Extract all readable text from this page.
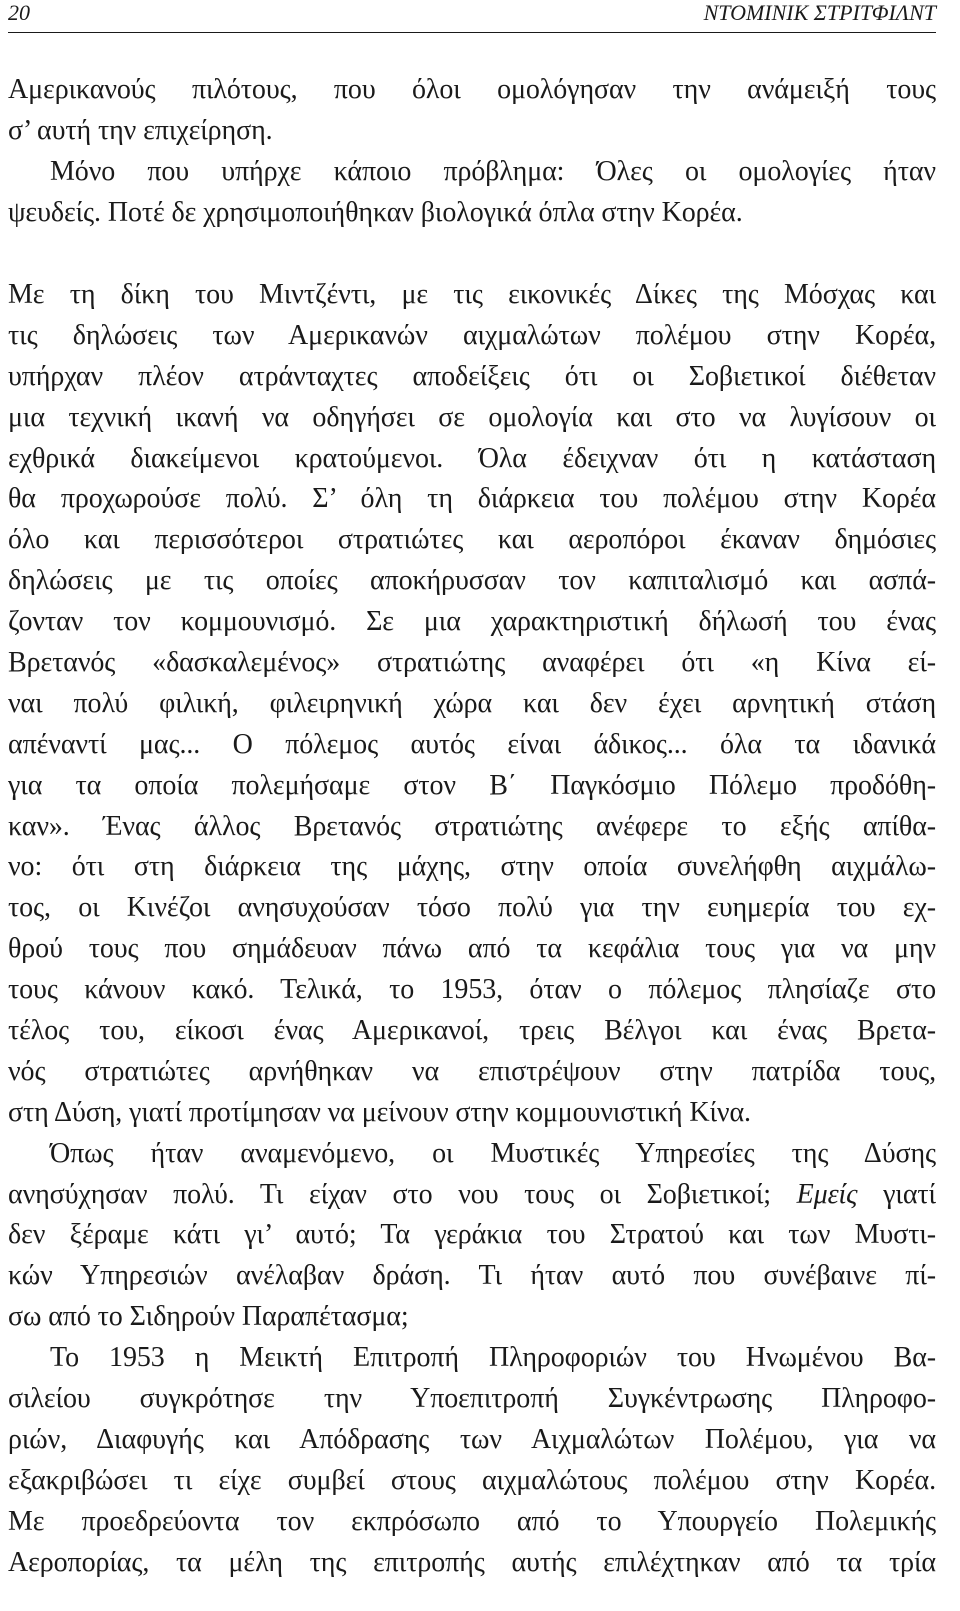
20	ΝΤΟΜΙΝΙΚ ΣΤΡΙΤΦΙΛΝΤ
Αμερικανούς πιλότους, που όλοι ομολόγησαν την ανάμειξή τους
σ’ αυτή την επιχείρηση.
Μόνο που υπήρχε κάποιο πρόβλημα: Όλες οι ομολογίες ήταν
ψευδείς. Ποτέ δε χρησιμοποιήθηκαν βιολογικά όπλα στην Κορέα.
Με τη δίκη του Μιντζέντι, με τις εικονικές Δίκες της Μόσχας και
τις δηλώσεις των Αμερικανών αιχμαλώτων πολέμου στην Κορέα,
υπήρχαν πλέον ατράνταχτες αποδείξεις ότι οι Σοβιετικοί διέθεταν
μια τεχνική ικανή να οδηγήσει σε ομολογία και στο να λυγίσουν οι
εχθρικά διακείμενοι κρατούμενοι. Όλα έδειχναν ότι η κατάσταση
θα προχωρούσε πολύ. Σ’ όλη τη διάρκεια του πολέμου στην Κορέα
όλο και περισσότεροι στρατιώτες και αεροπόροι έκαναν δημόσιες
δηλώσεις με τις οποίες αποκήρυσσαν τον καπιταλισμό και ασπά-
ζονταν τον κομμουνισμό. Σε μια χαρακτηριστική δήλωσή του ένας
Βρετανός «δασκαλεμένος» στρατιώτης αναφέρει ότι «η Κίνα εί-
ναι πολύ φιλική, φιλειρηνική χώρα και δεν έχει αρνητική στάση
απέναντί μας... Ο πόλεμος αυτός είναι άδικος... όλα τα ιδανικά
για τα οποία πολεμήσαμε στον Β΄ Παγκόσμιο Πόλεμο προδόθη-
καν». Ένας άλλος Βρετανός στρατιώτης ανέφερε το εξής απίθα-
νο: ότι στη διάρκεια της μάχης, στην οποία συνελήφθη αιχμάλω-
τος, οι Κινέζοι ανησυχούσαν τόσο πολύ για την ευημερία του εχ-
θρού τους που σημάδευαν πάνω από τα κεφάλια τους για να μην
τους κάνουν κακό. Τελικά, το 1953, όταν ο πόλεμος πλησίαζε στο
τέλος του, είκοσι ένας Αμερικανοί, τρεις Βέλγοι και ένας Βρετα-
νός στρατιώτες αρνήθηκαν να επιστρέψουν στην πατρίδα τους,
στη Δύση, γιατί προτίμησαν να μείνουν στην κομμουνιστική Κίνα.
Όπως ήταν αναμενόμενο, οι Μυστικές Υπηρεσίες της Δύσης
ανησύχησαν πολύ. Τι είχαν στο νου τους οι Σοβιετικοί; Εμείς γιατί
δεν ξέραμε κάτι γι’ αυτό; Τα γεράκια του Στρατού και των Μυστι-
κών Υπηρεσιών ανέλαβαν δράση. Τι ήταν αυτό που συνέβαινε πί-
σω από το Σιδηρούν Παραπέτασμα;
Το 1953 η Μεικτή Επιτροπή Πληροφοριών του Ηνωμένου Βα-
σιλείου συγκρότησε την Υποεπιτροπή Συγκέντρωσης Πληροφο-
ριών, Διαφυγής και Απόδρασης των Αιχμαλώτων Πολέμου, για να
εξακριβώσει τι είχε συμβεί στους αιχμαλώτους πολέμου στην Κορέα.
Με προεδρεύοντα τον εκπρόσωπο από το Υπουργείο Πολεμικής
Αεροπορίας, τα μέλη της επιτροπής αυτής επιλέχτηκαν από τα τρία
